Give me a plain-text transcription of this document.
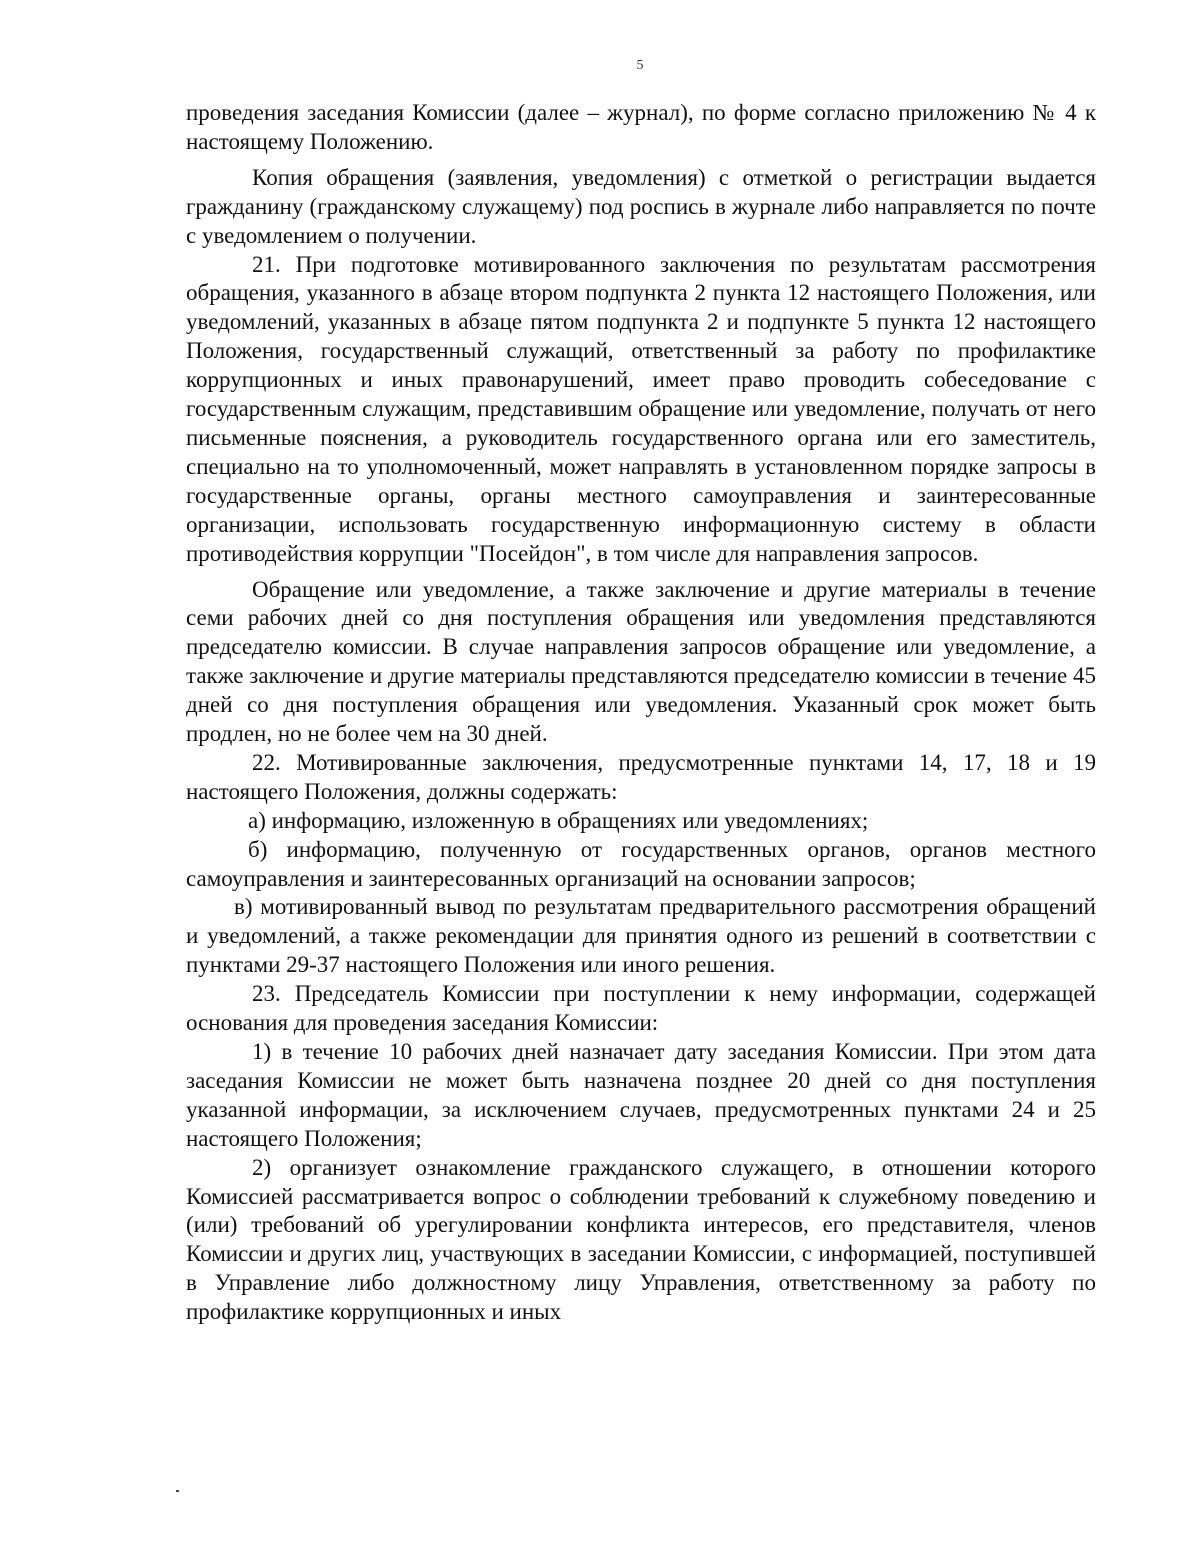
5

проведения заседания Комиссии (далее – журнал), по форме согласно приложению № 4 к настоящему Положению.

Копия обращения (заявления, уведомления) с отметкой о регистрации выдается гражданину (гражданскому служащему) под роспись в журнале либо направляется по почте с уведомлением о получении.

21. При подготовке мотивированного заключения по результатам рассмотрения обращения, указанного в абзаце втором подпункта 2 пункта 12 настоящего Положения, или уведомлений, указанных в абзаце пятом подпункта 2 и подпункте 5 пункта 12 настоящего Положения, государственный служащий, ответственный за работу по профилактике коррупционных и иных правонарушений, имеет право проводить собеседование с государственным служащим, представившим обращение или уведомление, получать от него письменные пояснения, а руководитель государственного органа или его заместитель, специально на то уполномоченный, может направлять в установленном порядке запросы в государственные органы, органы местного самоуправления и заинтересованные организации, использовать государственную информационную систему в области противодействия коррупции "Посейдон", в том числе для направления запросов.

Обращение или уведомление, а также заключение и другие материалы в течение семи рабочих дней со дня поступления обращения или уведомления представляются председателю комиссии. В случае направления запросов обращение или уведомление, а также заключение и другие материалы представляются председателю комиссии в течение 45 дней со дня поступления обращения или уведомления. Указанный срок может быть продлен, но не более чем на 30 дней.

22. Мотивированные заключения, предусмотренные пунктами 14, 17, 18 и 19 настоящего Положения, должны содержать:

а) информацию, изложенную в обращениях или уведомлениях;

б) информацию, полученную от государственных органов, органов местного самоуправления и заинтересованных организаций на основании запросов;

в) мотивированный вывод по результатам предварительного рассмотрения обращений и уведомлений, а также рекомендации для принятия одного из решений в соответствии с пунктами 29-37 настоящего Положения или иного решения.

23. Председатель Комиссии при поступлении к нему информации, содержащей основания для проведения заседания Комиссии:

1) в течение 10 рабочих дней назначает дату заседания Комиссии. При этом дата заседания Комиссии не может быть назначена позднее 20 дней со дня поступления указанной информации, за исключением случаев, предусмотренных пунктами 24 и 25 настоящего Положения;

2) организует ознакомление гражданского служащего, в отношении которого Комиссией рассматривается вопрос о соблюдении требований к служебному поведению и (или) требований об урегулировании конфликта интересов, его представителя, членов Комиссии и других лиц, участвующих в заседании Комиссии, с информацией, поступившей в Управление либо должностному лицу Управления, ответственному за работу по профилактике коррупционных и иных
